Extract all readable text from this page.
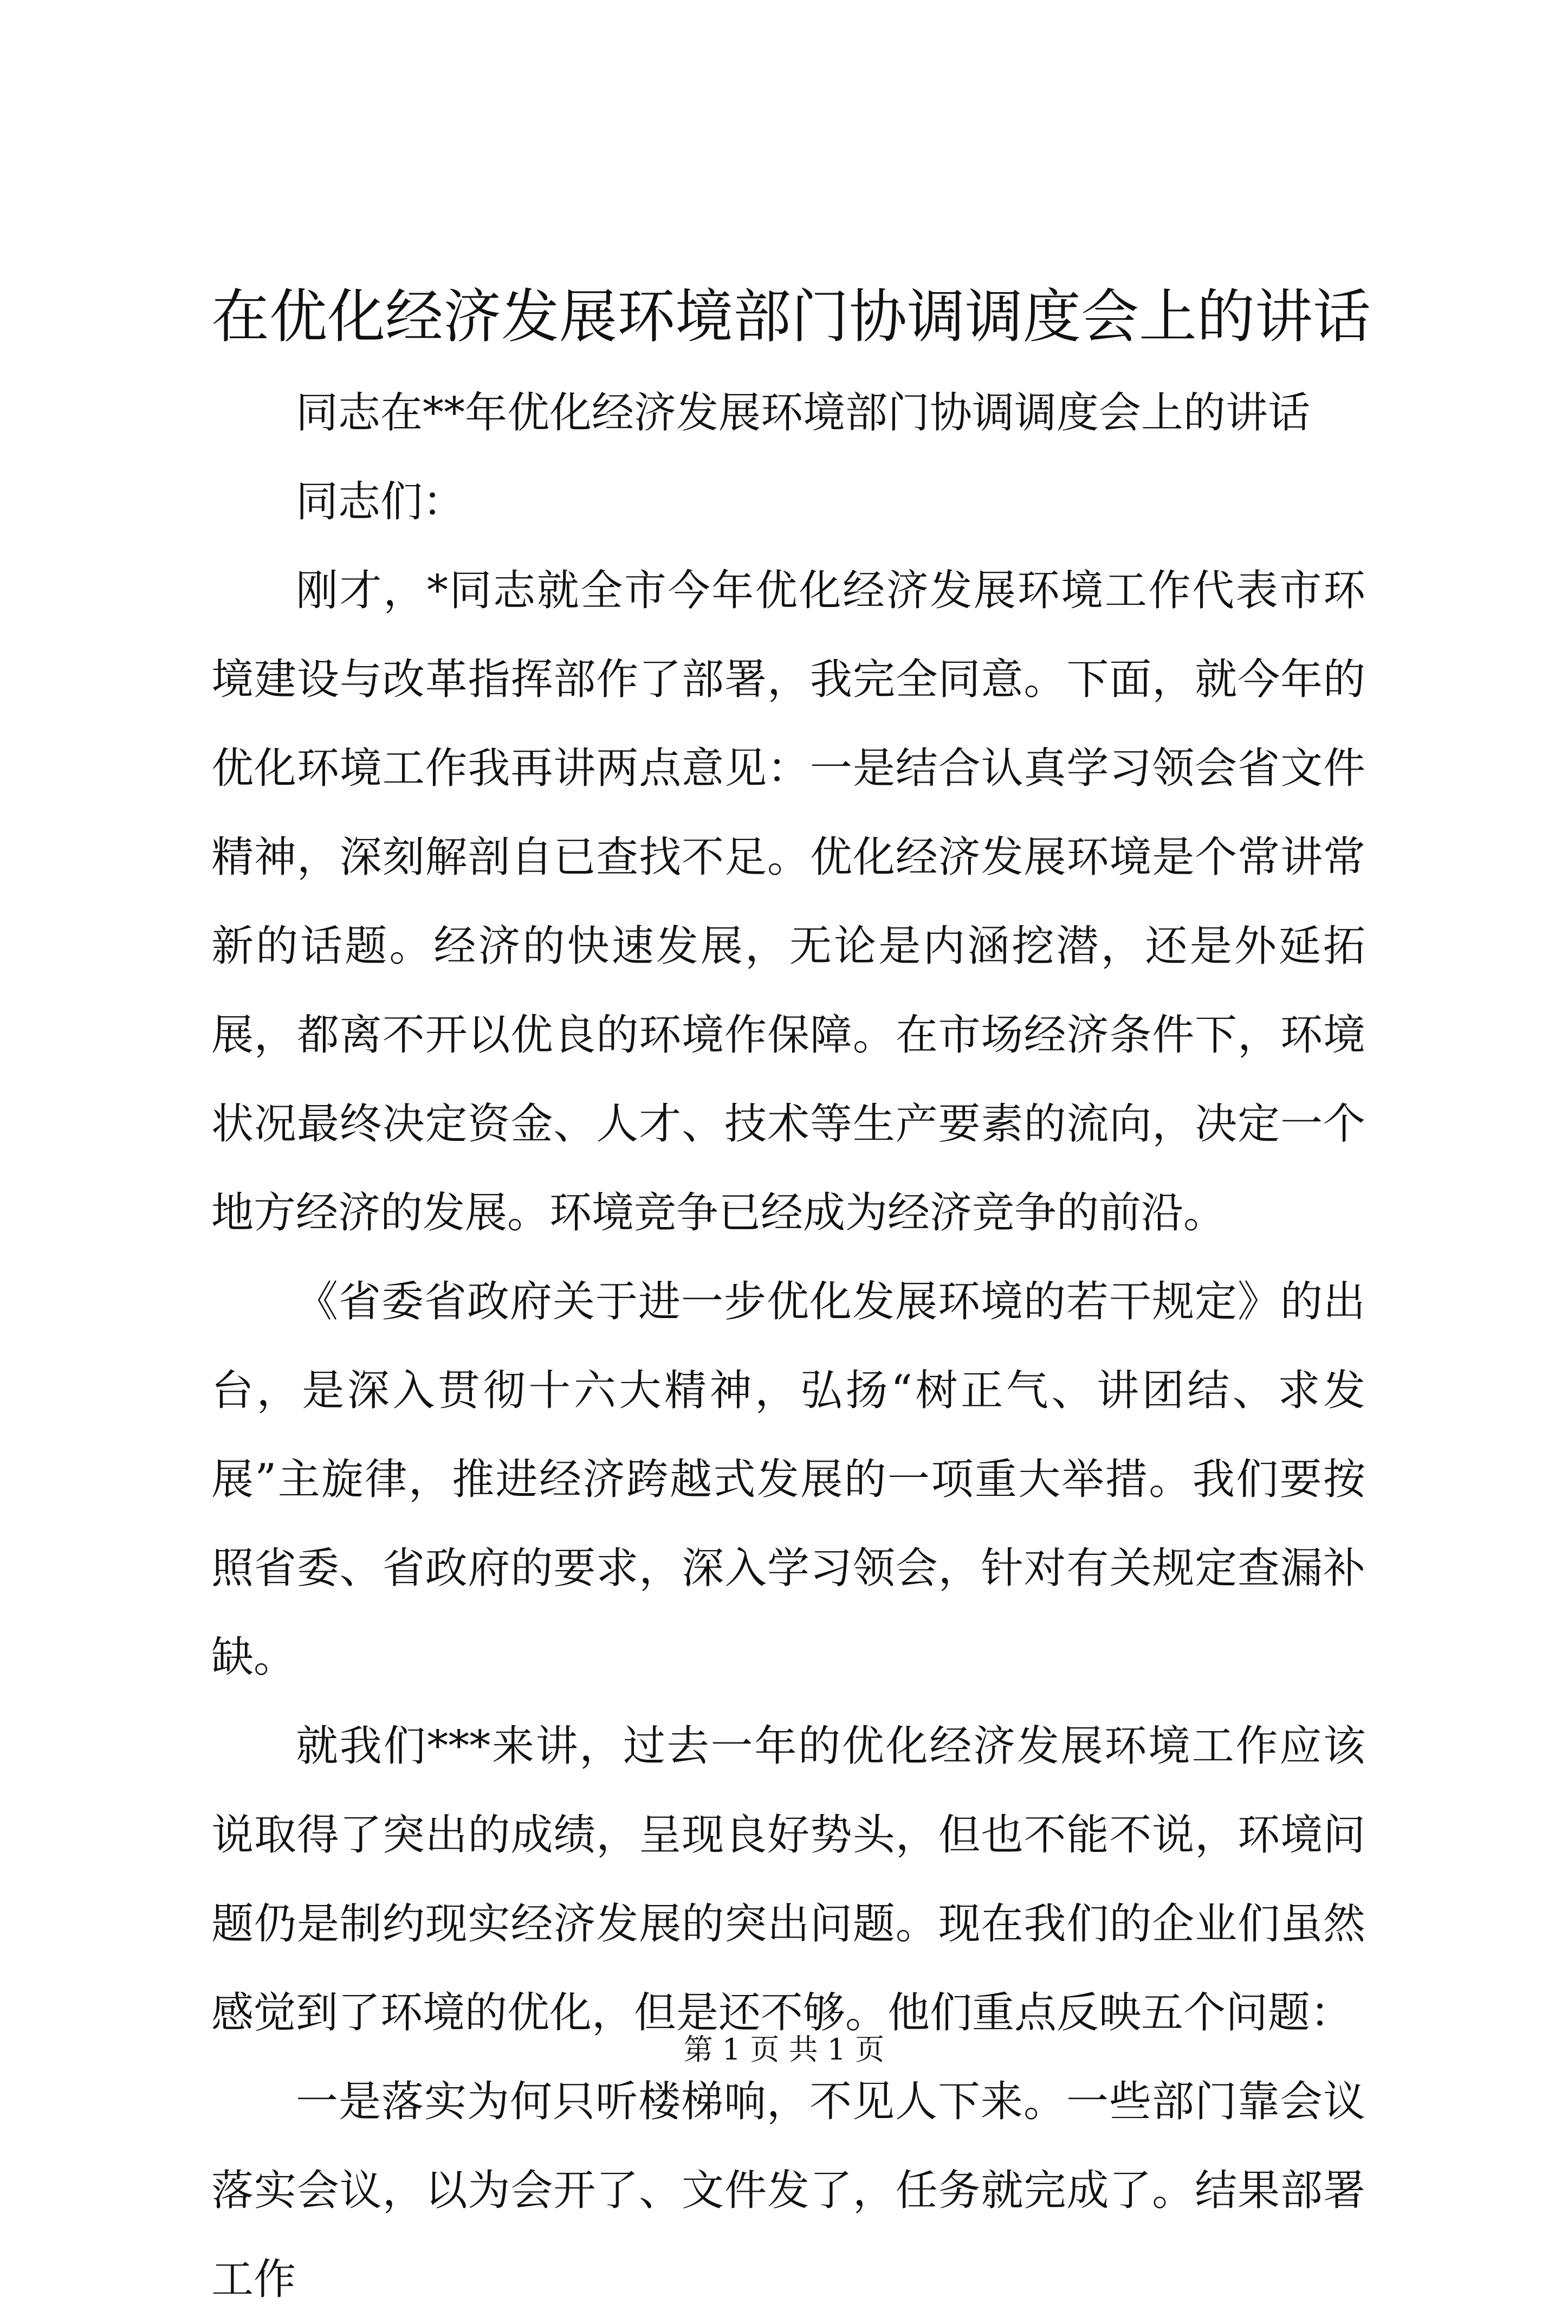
在优化经济发展环境部门协调调度会上的讲话

同志在**年优化经济发展环境部门协调调度会上的讲话

同志们：

刚才，*同志就全市今年优化经济发展环境工作代表市环境建设与改革指挥部作了部署，我完全同意。下面，就今年的优化环境工作我再讲两点意见：一是结合认真学习领会省文件精神，深刻解剖自已查找不足。优化经济发展环境是个常讲常新的话题。经济的快速发展，无论是内涵挖潜，还是外延拓展，都离不开以优良的环境作保障。在市场经济条件下，环境状况最终决定资金、人才、技术等生产要素的流向，决定一个地方经济的发展。环境竞争已经成为经济竞争的前沿。

《省委省政府关于进一步优化发展环境的若干规定》的出台，是深入贯彻十六大精神，弘扬“树正气、讲团结、求发展”主旋律，推进经济跨越式发展的一项重大举措。我们要按照省委、省政府的要求，深入学习领会，针对有关规定查漏补缺。

就我们***来讲，过去一年的优化经济发展环境工作应该说取得了突出的成绩，呈现良好势头，但也不能不说，环境问题仍是制约现实经济发展的突出问题。现在我们的企业们虽然感觉到了环境的优化，但是还不够。他们重点反映五个问题：

一是落实为何只听楼梯响，不见人下来。一些部门靠会议落实会议，以为会开了、文件发了，任务就完成了。结果部署工作

第 1 页 共 1 页
